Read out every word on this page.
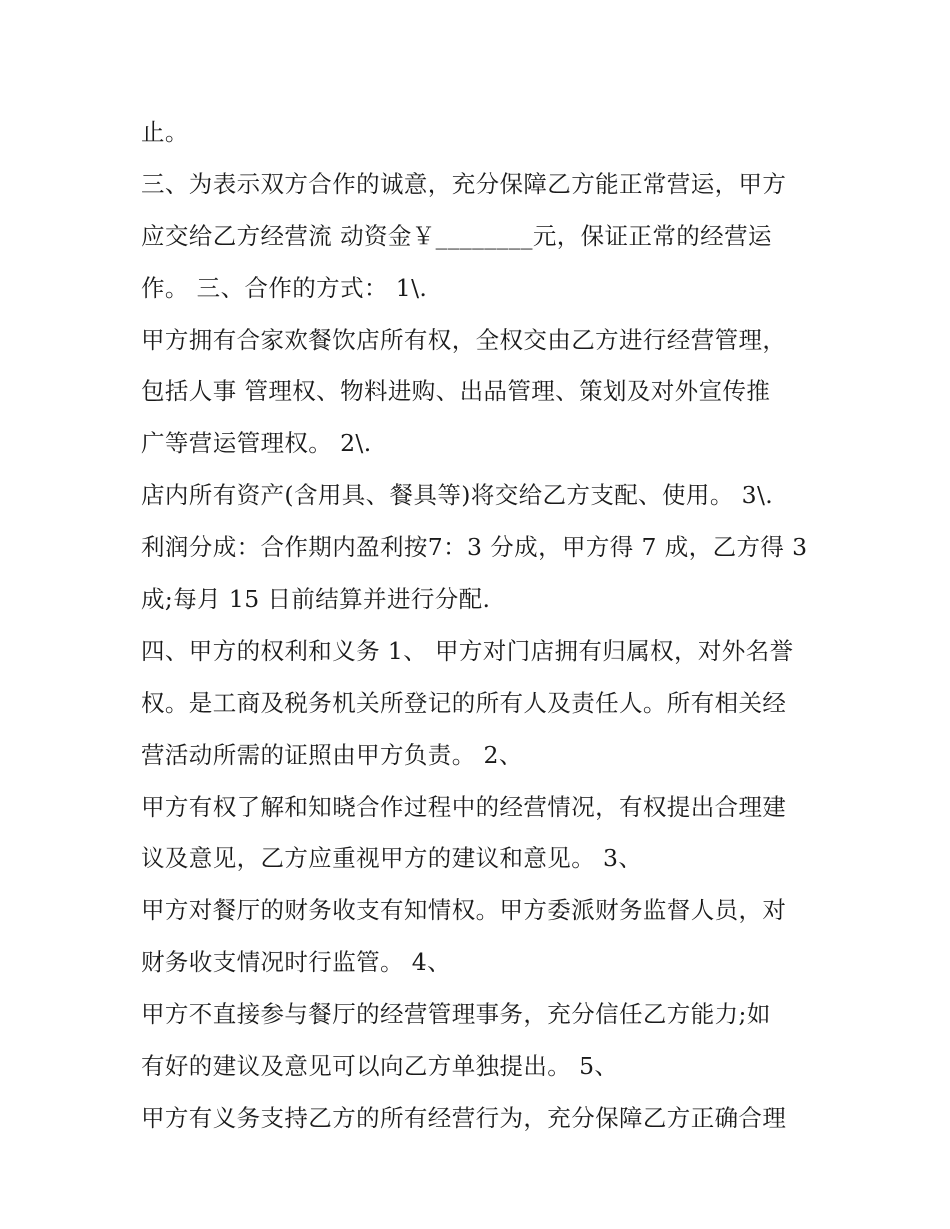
止。
三、为表示双方合作的诚意，充分保障乙方能正常营运，甲方
应交给乙方经营流 动资金￥________元，保证正常的经营运
作。 三、合作的方式： 1\.
甲方拥有合家欢餐饮店所有权，全权交由乙方进行经营管理，
包括人事 管理权、物料进购、出品管理、策划及对外宣传推
广等营运管理权。 2\.
店内所有资产(含用具、餐具等)将交给乙方支配、使用。 3\.
利润分成：合作期内盈利按7：3 分成，甲方得 7 成，乙方得 3
成;每月 15 日前结算并进行分配.
四、甲方的权利和义务 1、 甲方对门店拥有归属权，对外名誉
权。是工商及税务机关所登记的所有人及责任人。所有相关经
营活动所需的证照由甲方负责。 2、
甲方有权了解和知晓合作过程中的经营情况，有权提出合理建
议及意见，乙方应重视甲方的建议和意见。 3、
甲方对餐厅的财务收支有知情权。甲方委派财务监督人员，对
财务收支情况时行监管。 4、
甲方不直接参与餐厅的经营管理事务，充分信任乙方能力;如
有好的建议及意见可以向乙方单独提出。 5、
甲方有义务支持乙方的所有经营行为，充分保障乙方正确合理
